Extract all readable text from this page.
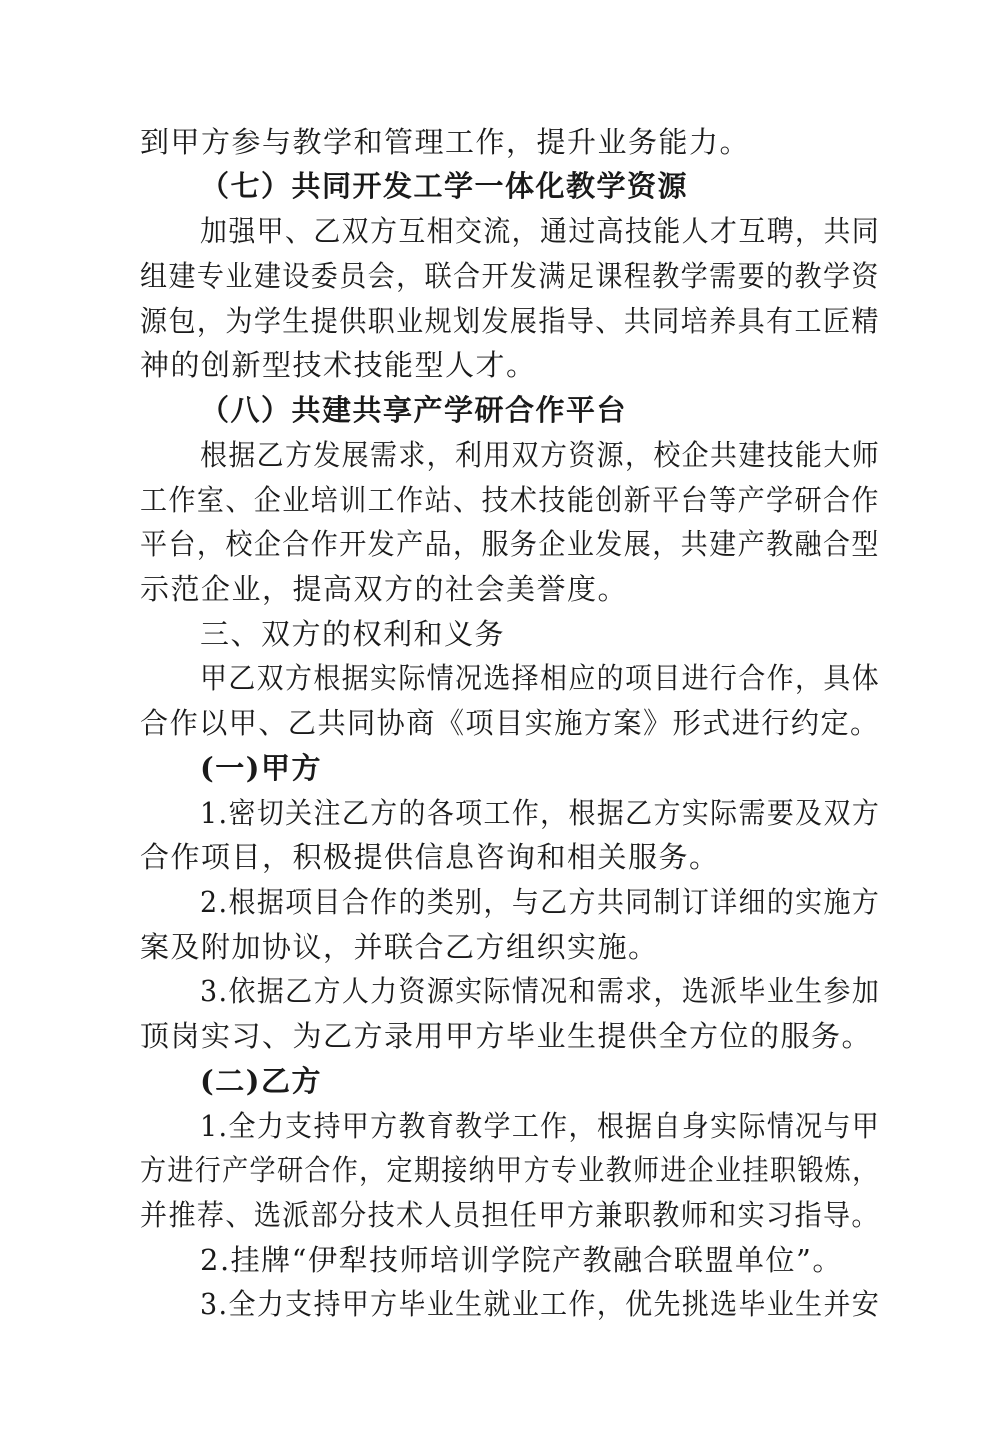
到甲方参与教学和管理工作，提升业务能力。
（七）共同开发工学一体化教学资源
加强甲、乙双方互相交流，通过高技能人才互聘，共同
组建专业建设委员会，联合开发满足课程教学需要的教学资
源包，为学生提供职业规划发展指导、共同培养具有工匠精
神的创新型技术技能型人才。
（八）共建共享产学研合作平台
根据乙方发展需求，利用双方资源，校企共建技能大师
工作室、企业培训工作站、技术技能创新平台等产学研合作
平台，校企合作开发产品，服务企业发展，共建产教融合型
示范企业，提高双方的社会美誉度。
三、双方的权利和义务
甲乙双方根据实际情况选择相应的项目进行合作，具体
合作以甲、乙共同协商《项目实施方案》形式进行约定。
(一)甲方
1.密切关注乙方的各项工作，根据乙方实际需要及双方
合作项目，积极提供信息咨询和相关服务。
2.根据项目合作的类别，与乙方共同制订详细的实施方
案及附加协议，并联合乙方组织实施。
3.依据乙方人力资源实际情况和需求，选派毕业生参加
顶岗实习、为乙方录用甲方毕业生提供全方位的服务。
(二)乙方
1.全力支持甲方教育教学工作，根据自身实际情况与甲
方进行产学研合作，定期接纳甲方专业教师进企业挂职锻炼，
并推荐、选派部分技术人员担任甲方兼职教师和实习指导。
2.挂牌“伊犁技师培训学院产教融合联盟单位”。
3.全力支持甲方毕业生就业工作，优先挑选毕业生并安
